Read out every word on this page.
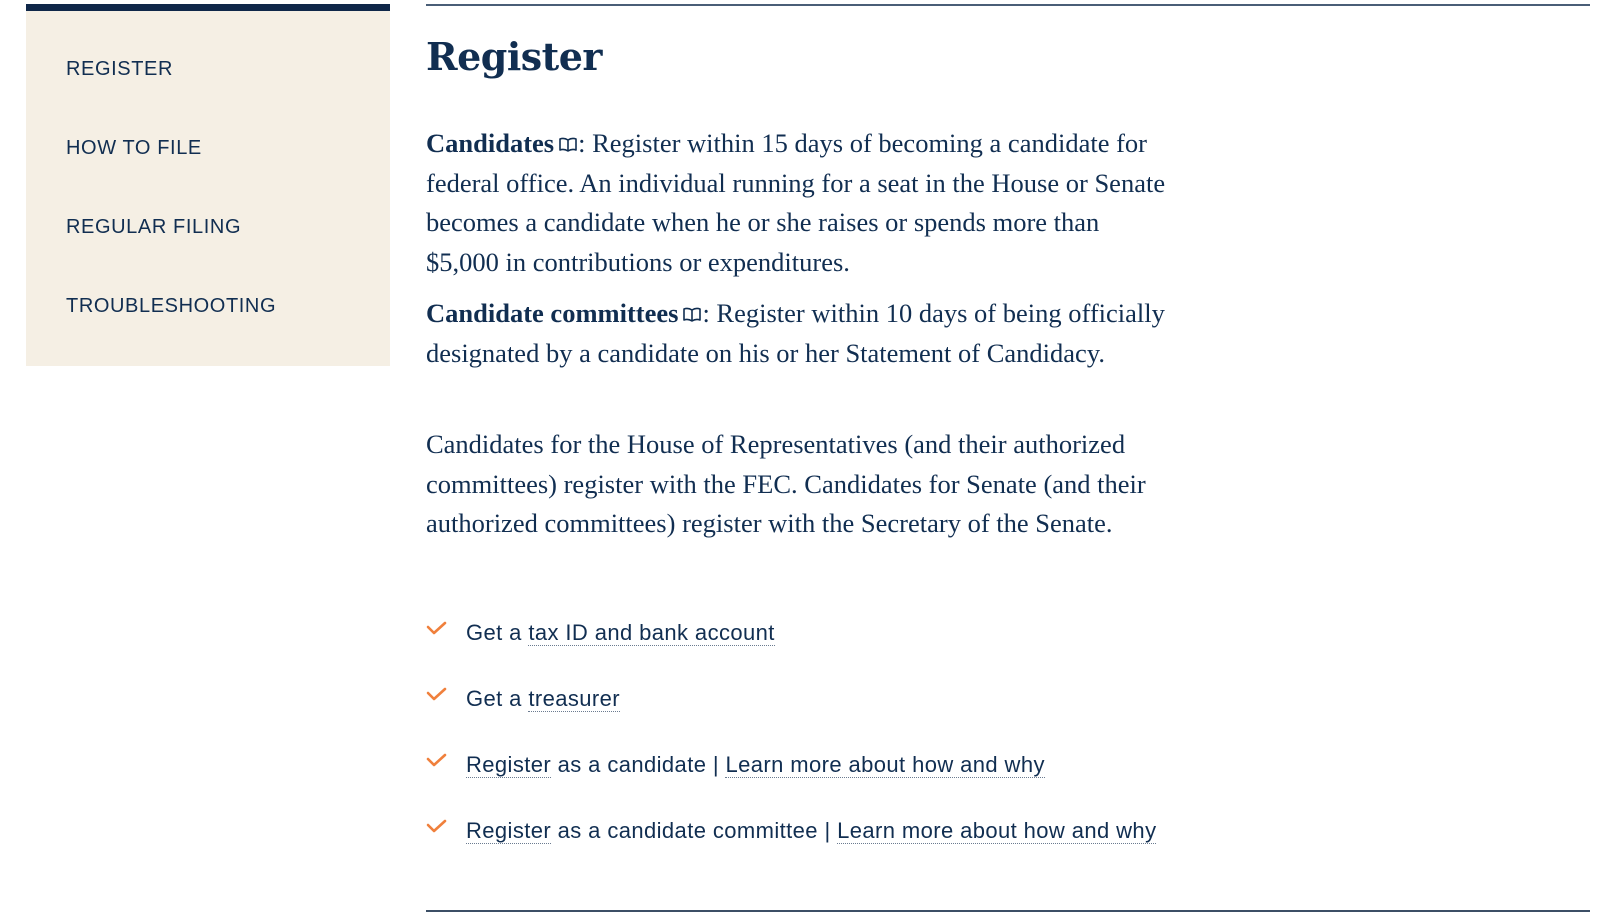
REGISTER
HOW TO FILE
REGULAR FILING
TROUBLESHOOTING
Register

Candidates : Register within 15 days of becoming a candidate for federal office. An individual running for a seat in the House or Senate becomes a candidate when he or she raises or spends more than $5,000 in contributions or expenditures.

Candidate committees : Register within 10 days of being officially designated by a candidate on his or her Statement of Candidacy.

Candidates for the House of Representatives (and their authorized committees) register with the FEC. Candidates for Senate (and their authorized committees) register with the Secretary of the Senate.

Get a tax ID and bank account
Get a treasurer
Register as a candidate | Learn more about how and why
Register as a candidate committee | Learn more about how and why
